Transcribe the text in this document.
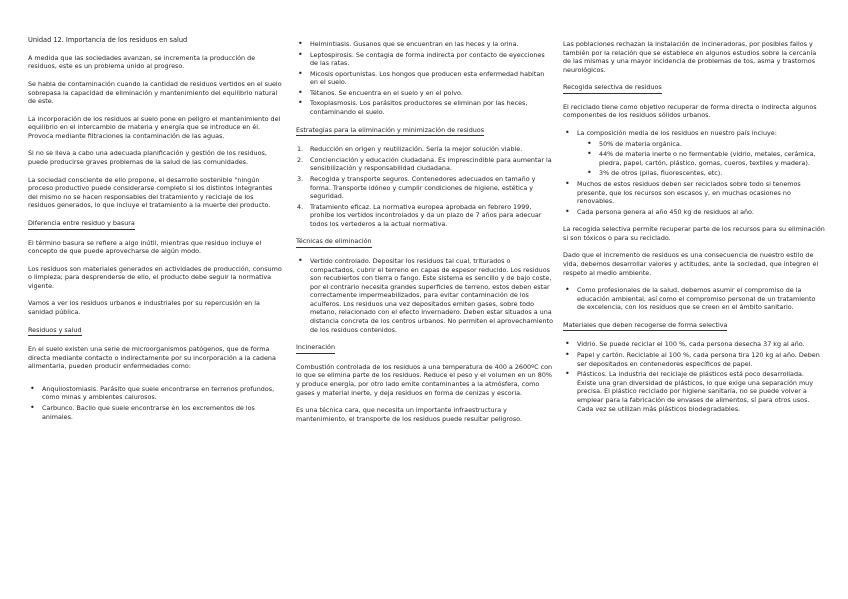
Unidad 12. Importancia de los residuos en salud

A medida que las sociedades avanzan, se incrementa la producción de residuos, este es un problema unido al progreso.

Se habla de contaminación cuando la cantidad de residuos vertidos en el suelo sobrepasa la capacidad de eliminación y mantenimiento del equilibrio natural de este.

La incorporación de los residuos al suelo pone en peligro el mantenimiento del equilibrio en el intercambio de materia y energía que se introduce en él. Provoca mediante filtraciones la contaminación de las aguas.

Si no se lleva a cabo una adecuada planificación y gestión de los residuos, puede producirse graves problemas de la salud de las comunidades.

La sociedad consciente de ello propone, el desarrollo sostenible "ningún proceso productivo puede considerarse completo si los distintos integrantes del mismo no se hacen responsables del tratamiento y reciclaje de los residuos generados, lo que incluye el tratamiento a la muerte del producto.

Diferencia entre residuo y basura

El término basura se refiere a algo inútil, mientras que residuo incluye el concepto de que puede aprovecharse de algún modo.

Los residuos son materiales generados en actividades de producción, consumo o limpieza; para desprenderse de ello, el producto debe seguir la normativa vigente.

Vamos a ver los residuos urbanos e industriales por su repercusión en la sanidad pública.

Residuos y salud

En el suelo existen una serie de microorganismos patógenos, que de forma directa mediante contacto o indirectamente por su incorporación a la cadena alimentaria, pueden producir enfermedades como:

• Anquilostomiasis. Parásito que suele encontrarse en terrenos profundos, como minas y ambientes calurosos.
• Carbunco. Bacilo que suele encontrarse en los excrementos de los animales.
• Helmintiasis. Gusanos que se encuentran en las heces y la orina.
• Leptospirosis. Se contagia de forma indirecta por contacto de eyecciones de las ratas.
• Micosis oportunistas. Los hongos que producen esta enfermedad habitan en el suelo.
• Tétanos. Se encuentra en el suelo y en el polvo.
• Toxoplasmosis. Los parásitos productores se eliminan por las heces, contaminando el suelo.
Estrategias para la eliminación y minimización de residuos
Reducción en origen y reutilización. Sería la mejor solución viable.
Concienciación y educación ciudadana. Es imprescindible para aumentar la sensibilización y responsabilidad ciudadana.
Recogida y transporte seguros. Contenedores adecuados en tamaño y forma. Transporte idóneo y cumplir condiciones de higiene, estética y seguridad.
Tratamiento eficaz. La normativa europea aprobada en febrero 1999, prohíbe los vertidos incontrolados y da un plazo de 7 años para adecuar todos los vertederos a la actual normativa.
Técnicas de eliminación
• Vertido controlado. Depositar los residuos tal cual, triturados o compactados, cubrir el terreno en capas de espesor reducido. Los residuos son recubiertos con tierra o fango. Este sistema es sencillo y de bajo coste, por el contrario necesita grandes superficies de terreno, estos deben estar correctamente impermeabilizados, para evitar contaminación de los acuíferos. Los residuos una vez depositados emiten gases, sobre todo metano, relacionado con el efecto invernadero. Deben estar situados a una distancia concreta de los centros urbanos. No permiten el aprovechamiento de los residuos contenidos.
Incineración

Combustión controlada de los residuos a una temperatura de 400 a 2600ºC con lo que se elimina parte de los residuos. Reduce el peso y el volumen en un 80% y produce energía, por otro lado emite contaminantes a la atmósfera, como gases y material inerte, y deja residuos en forma de cenizas y escoria.

Es una técnica cara, que necesita un importante infraestructura y mantenimiento, el transporte de los residuos puede resultar peligroso.

Las poblaciones rechazan la instalación de incineradoras, por posibles fallos y también por la relación que se establece en algunos estudios sobre la cercanía de las mismas y una mayor incidencia de problemas de tos, asma y trastornos neurológicos.

Recogida selectiva de residuos

El reciclado tiene como objetivo recuperar de forma directa o indirecta algunos componentes de los residuos sólidos urbanos.

• La composición media de los residuos en nuestro país incluye:
• 50% de materia orgánica.
• 44% de materia inerte o no fermentable (vidrio, metales, cerámica, piedra, papel, cartón, plástico, gomas, cueros, textiles y madera).
• 3% de otros (pilas, fluorescentes, etc).
• Muchos de estos residuos deben ser reciclados sobre todo si tenemos presente, que los recursos son escasos y, en muchas ocasiones no renovables.
• Cada persona genera al año 450 kg de residuos al año.

La recogida selectiva permite recuperar parte de los recursos para su eliminación si son tóxicos o para su reciclado.

Dado que el incremento de residuos es una consecuencia de nuestro estilo de vida, debemos desarrollar valores y actitudes, ante la sociedad, que integren el respeto al medio ambiente.

• Como profesionales de la salud, debemos asumir el compromiso de la educación ambiental, así como el compromiso personal de un tratamiento de excelencia, con los residuos que se creen en el ámbito sanitario.
Materiales que deben recogerse de forma selectiva
• Vidrio. Se puede reciclar el 100 %, cada persona desecha 37 kg al año.
• Papel y cartón. Reciclable al 100 %, cada persona tira 120 kg al año. Deben ser depositados en contenedores específicos de papel.
• Plásticos. La industria del reciclaje de plásticos está poco desarrollada. Existe una gran diversidad de plásticos, lo que exige una separación muy precisa. El plástico reciclado por higiene sanitaria, no se puede volver a emplear para la fabricación de envases de alimentos, sí para otros usos. Cada vez se utilizan más plásticos biodegradables.
